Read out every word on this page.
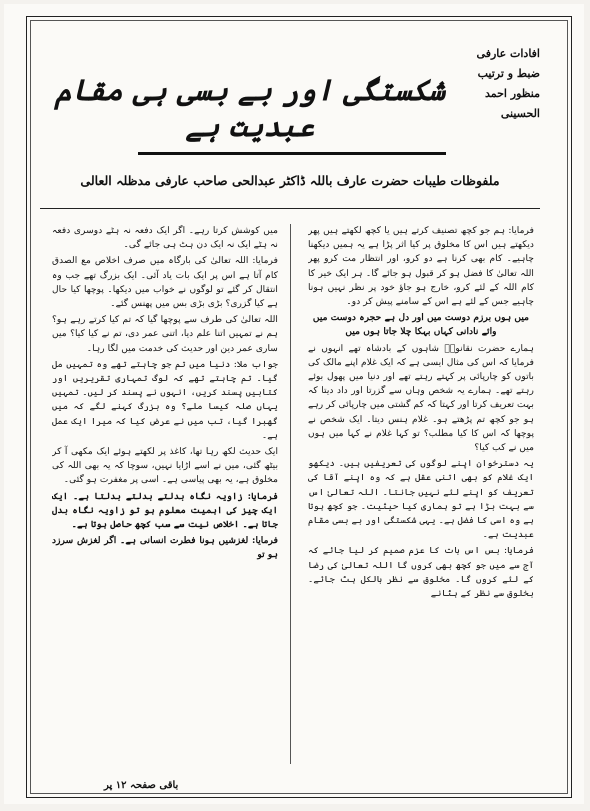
افادات عارفی
ضبط و ترتیب
منظور احمد الحسینی
شکستگی اور بے بسی ہی مقام عبدیت ہے
ملفوظات طیبات حضرت عارف باللہ ڈاکٹر عبدالحی صاحب عارفی مدظلہ العالی

فرمایا: ہم جو کچھ تصنیف کرتے ہیں یا کچھ لکھتے ہیں پھر دیکھتے ہیں اس کا مخلوق پر کیا اثر پڑا ہے یہ ہمیں دیکھنا چاہیے۔ کام بھی کرنا ہے دو کرو، اور انتظار مت کرو پھر اللہ تعالیٰ کا فضل ہو کر قبول ہو جائے گا۔ ہر ایک خیر کا کام اللہ کے لئے کرو، خارج ہو جاؤ خود پر نظر نہیں ہونا چاہیے جس کے لئے ہے اس کے سامنے پیش کر دو۔

میں ہوں برزم دوست میں اور دل ہے حجرہ دوست میں وائے نادانی کہاں بہکا چلا جاتا ہوں میں

ہمارے حضرت نقانویؒ شاہوں کے بادشاہ تھے انہوں نے فرمایا کہ اس کی مثال ایسی ہے کہ ایک غلام اپنے مالک کی باتوں کو چارپائی پر کہتے رہتے تھے اور دنیا میں پھول بوئے رہتے تھے۔ ہمارے یہ شخص وہاں سے گزرتا اور داد دیتا کہ بہت تعریف کرتا اور کہتا کہ کم گشتی میں چارپائی کر رہے ہو جو کچھ تم پڑھتے ہو۔ غلام ہنس دیتا۔ ایک شخص نے پوچھا کہ اس کا کیا مطلب؟ تو کہا غلام نے کہا میں ہوں میں نے کب کیا؟

یہ دسترخوان اپنے لوگوں کی تعریفیں ہیں۔ دیکھو ایک غلام کو بھی اتنی عقل ہے کہ وہ اپنے آقا کی تعریف کو اپنے لئے نہیں جانتا۔ اللہ تعالیٰ اس سے بہت بڑا ہے تو ہماری کیا حیثیت۔ جو کچھ ہوتا ہے وہ اسی کا فضل ہے۔ یہی شکستگی اور بے بسی مقام عبدیت ہے۔

فرمایا: بس اس بات کا عزم صمیم کر لیا جائے کہ آج سے میں جو کچھ بھی کروں گا اللہ تعالیٰ کی رضا کے لئے کروں گا۔ مخلوق سے نظر بالکل ہٹ جائے۔ بخلوق سے نظر کے ہٹانے

میں کوشش کرتا رہے۔ اگر ایک دفعہ نہ ہٹے دوسری دفعہ نہ ہٹے ایک نہ ایک دن ہٹ ہی جائے گی۔

فرمایا: اللہ تعالیٰ کی بارگاہ میں صرف اخلاص مع الصدق کام آتا ہے اس پر ایک بات یاد آئی۔ ایک بزرگ تھے جب وہ انتقال کر گئے تو لوگوں نے خواب میں دیکھا۔ پوچھا کیا حال ہے کیا گزری؟ بڑی بڑی بس میں پھنس گئے۔

اللہ تعالیٰ کی طرف سے پوچھا گیا کہ تم کیا کرتے رہے ہو؟ ہم نے تمہیں اتنا علم دیا، اتنی عمر دی، تم نے کیا کیا؟ میں ساری عمر دین اور حدیث کی خدمت میں لگا رہا۔

جواب ملا: دنیا میں تم جو چاہتے تھے وہ تمہیں مل گیا۔ تم چاہتے تھے کہ لوگ تمہاری تقریریں اور کتابیں پسند کریں، انہوں نے پسند کر لیں۔ تمہیں یہاں صلہ کیسا ملے؟ وہ بزرگ کہنے لگے کہ میں گھبرا گیا، تب میں نے عرض کیا کہ میرا ایک عمل ہے۔

ایک حدیث لکھ رہا تھا، کاغذ پر لکھتے ہوئے ایک مکھی آ کر بیٹھ گئی، میں نے اسے اڑایا نہیں، سوچا کہ یہ بھی اللہ کی مخلوق ہے، یہ بھی پیاسی ہے۔ اسی پر مغفرت ہو گئی۔

فرمایا: زاویہ نگاہ بدلتے بدلتے بدلتا ہے۔ ایک ایک چیز کی اہمیت معلوم ہو تو زاویہ نگاہ بدل جاتا ہے۔ اخلاص نیت سے سب کچھ حاصل ہوتا ہے۔

فرمایا: لغزشیں ہونا فطرت انسانی ہے۔ اگر لغزش سرزد ہو تو

باقی صفحہ ۱۲ پر
